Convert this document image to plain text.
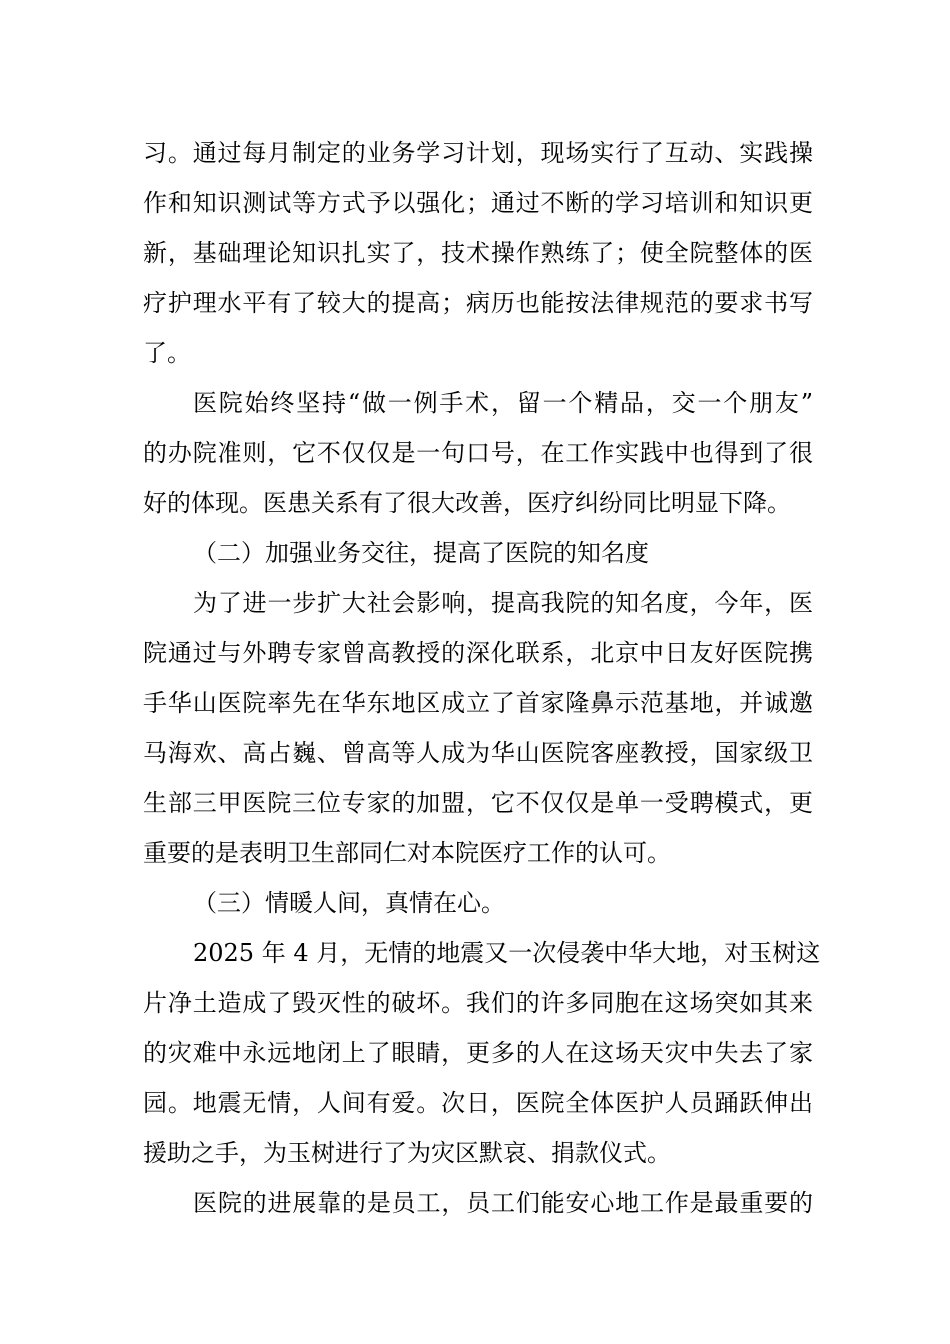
习。通过每月制定的业务学习计划，现场实行了互动、实践操
作和知识测试等方式予以强化；通过不断的学习培训和知识更
新，基础理论知识扎实了，技术操作熟练了；使全院整体的医
疗护理水平有了较大的提高；病历也能按法律规范的要求书写
了。
医院始终坚持“做一例手术，留一个精品，交一个朋友”
的办院准则，它不仅仅是一句口号，在工作实践中也得到了很
好的体现。医患关系有了很大改善，医疗纠纷同比明显下降。
（二）加强业务交往，提高了医院的知名度
为了进一步扩大社会影响，提高我院的知名度，今年，医
院通过与外聘专家曾高教授的深化联系，北京中日友好医院携
手华山医院率先在华东地区成立了首家隆鼻示范基地，并诚邀
马海欢、高占巍、曾高等人成为华山医院客座教授，国家级卫
生部三甲医院三位专家的加盟，它不仅仅是单一受聘模式，更
重要的是表明卫生部同仁对本院医疗工作的认可。
（三）情暖人间，真情在心。
2025 年 4 月，无情的地震又一次侵袭中华大地，对玉树这
片净土造成了毁灭性的破坏。我们的许多同胞在这场突如其来
的灾难中永远地闭上了眼睛，更多的人在这场天灾中失去了家
园。地震无情，人间有爱。次日，医院全体医护人员踊跃伸出
援助之手，为玉树进行了为灾区默哀、捐款仪式。
医院的进展靠的是员工，员工们能安心地工作是最重要的
